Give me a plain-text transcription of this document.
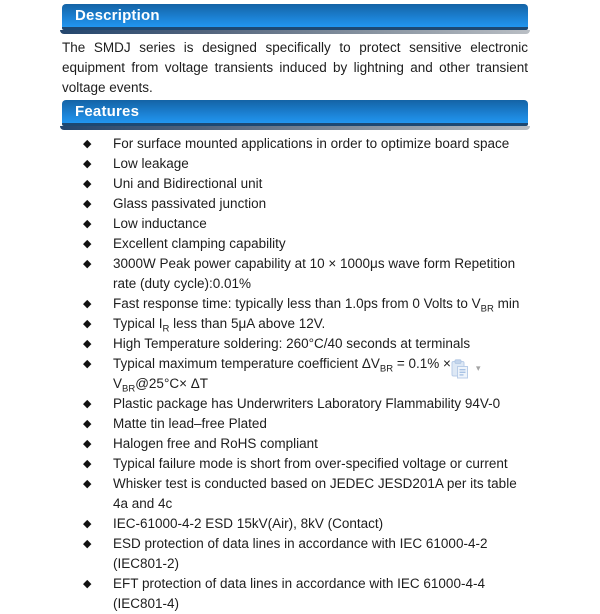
Description
The SMDJ series is designed specifically to protect sensitive electronic
equipment from voltage transients induced by lightning and other transient
voltage events.
Features
◆ For surface mounted applications in order to optimize board space
◆ Low leakage
◆ Uni and Bidirectional unit
◆ Glass passivated junction
◆ Low inductance
◆ Excellent clamping capability
◆ 3000W Peak power capability at 10 × 1000μs wave form Repetition
rate (duty cycle):0.01%
◆ Fast response time: typically less than 1.0ps from 0 Volts to $V_{BR}$ min
◆ Typical $I_R$ less than 5μA above 12V.
◆ High Temperature soldering: 260°C/40 seconds at terminals
◆ Typical maximum temperature coefficient $\Delta V_{BR} = 0.1\%$ ×
$V_{BR}@25^\circ C\times \Delta T$
◆ Plastic package has Underwriters Laboratory Flammability 94V-0
◆ Matte tin lead–free Plated
◆ Halogen free and RoHS compliant
◆ Typical failure mode is short from over-specified voltage or current
◆ Whisker test is conducted based on JEDEC JESD201A per its table
4a and 4c
◆ IEC-61000-4-2 ESD 15kV(Air), 8kV (Contact)
◆ ESD protection of data lines in accordance with IEC 61000-4-2
(IEC801-2)
◆ EFT protection of data lines in accordance with IEC 61000-4-4
(IEC801-4)
▾
